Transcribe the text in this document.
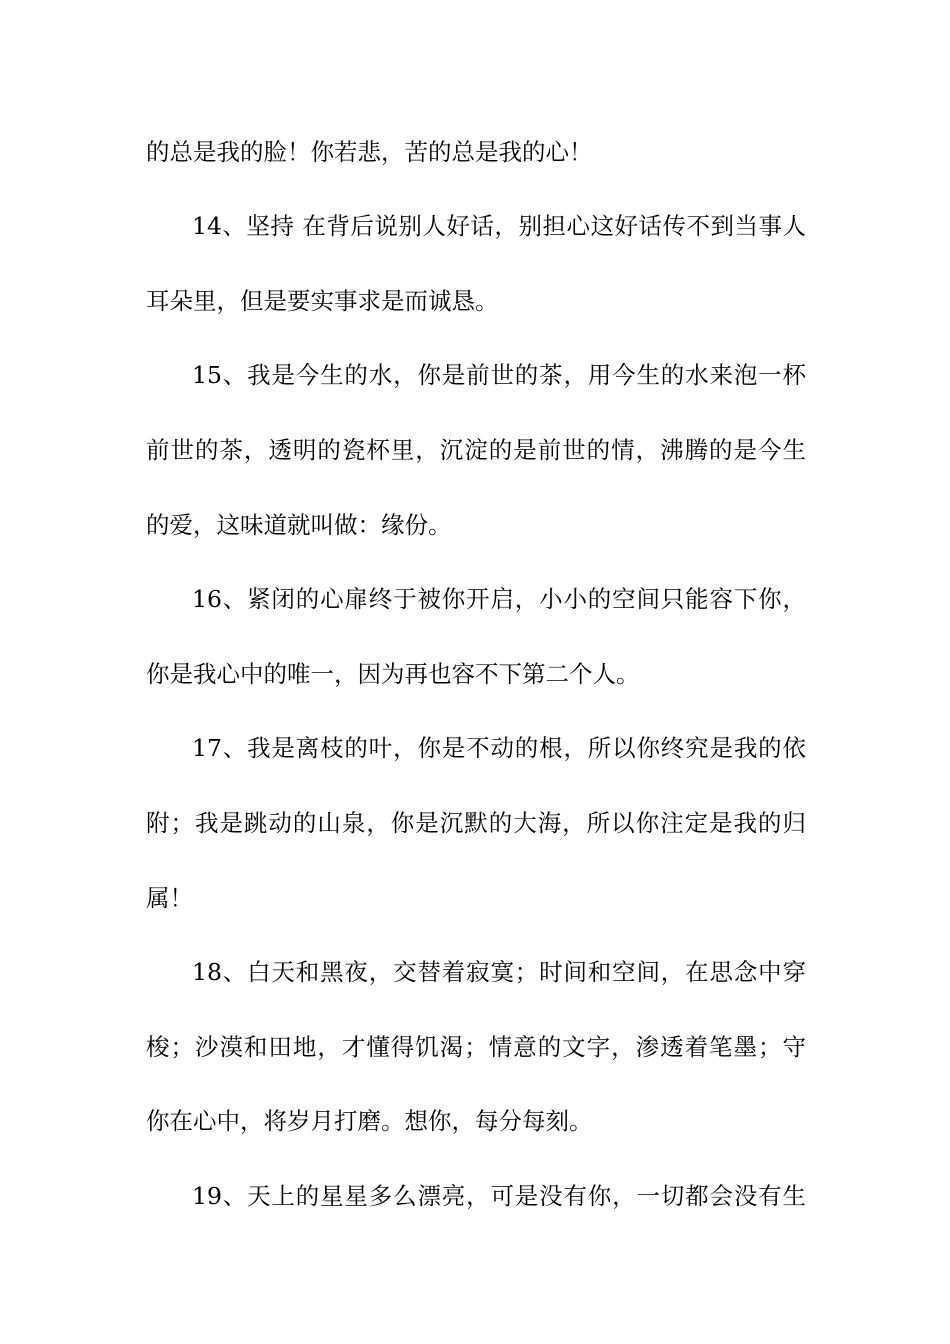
的总是我的脸！你若悲，苦的总是我的心！
14、坚持 在背后说别人好话，别担心这好话传不到当事人
耳朵里，但是要实事求是而诚恳。
15、我是今生的水，你是前世的茶，用今生的水来泡一杯
前世的茶，透明的瓷杯里，沉淀的是前世的情，沸腾的是今生
的爱，这味道就叫做：缘份。
16、紧闭的心扉终于被你开启，小小的空间只能容下你，
你是我心中的唯一，因为再也容不下第二个人。
17、我是离枝的叶，你是不动的根，所以你终究是我的依
附；我是跳动的山泉，你是沉默的大海，所以你注定是我的归
属！
18、白天和黑夜，交替着寂寞；时间和空间，在思念中穿
梭；沙漠和田地，才懂得饥渴；情意的文字，渗透着笔墨；守
你在心中，将岁月打磨。想你，每分每刻。
19、天上的星星多么漂亮，可是没有你，一切都会没有生
